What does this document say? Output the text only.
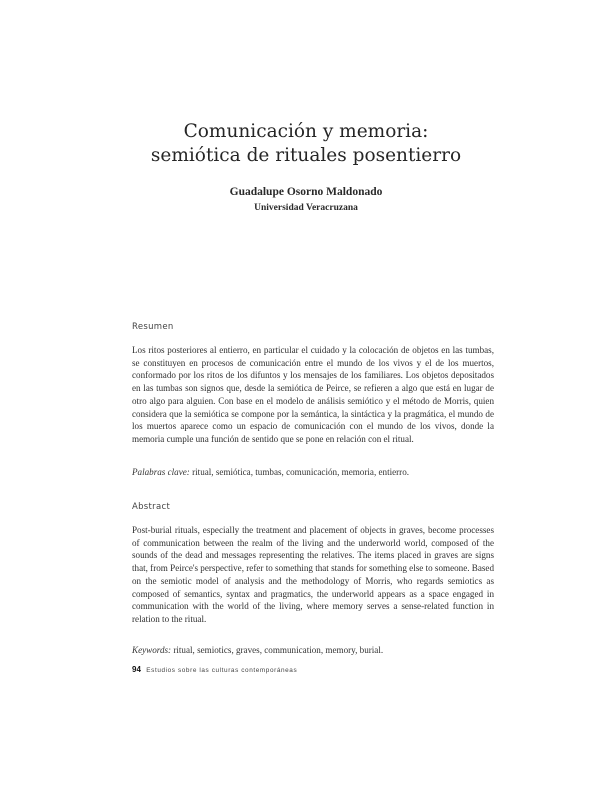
Comunicación y memoria:
semiótica de rituales posentierro
Guadalupe Osorno Maldonado
Universidad Veracruzana
Resumen
Los ritos posteriores al entierro, en particular el cuidado y la colocación de objetos en las tumbas, se constituyen en procesos de comunicación entre el mundo de los vivos y el de los muertos, conformado por los ritos de los difuntos y los mensajes de los familiares. Los objetos depositados en las tumbas son signos que, desde la semiótica de Peirce, se refieren a algo que está en lugar de otro algo para alguien. Con base en el modelo de análisis semiótico y el método de Morris, quien considera que la semiótica se compone por la semántica, la sintáctica y la pragmática, el mundo de los muertos aparece como un espacio de comunicación con el mundo de los vivos, donde la memoria cumple una función de sentido que se pone en relación con el ritual.
Palabras clave: ritual, semiótica, tumbas, comunicación, memoria, entierro.
Abstract
Post-burial rituals, especially the treatment and placement of objects in graves, become processes of communication between the realm of the living and the underworld world, composed of the sounds of the dead and messages representing the relatives. The items placed in graves are signs that, from Peirce's perspective, refer to something that stands for something else to someone. Based on the semiotic model of analysis and the methodology of Morris, who regards semiotics as composed of semantics, syntax and pragmatics, the underworld appears as a space engaged in communication with the world of the living, where memory serves a sense-related function in relation to the ritual.
Keywords: ritual, semiotics, graves, communication, memory, burial.
94 Estudios sobre las culturas contemporáneas
